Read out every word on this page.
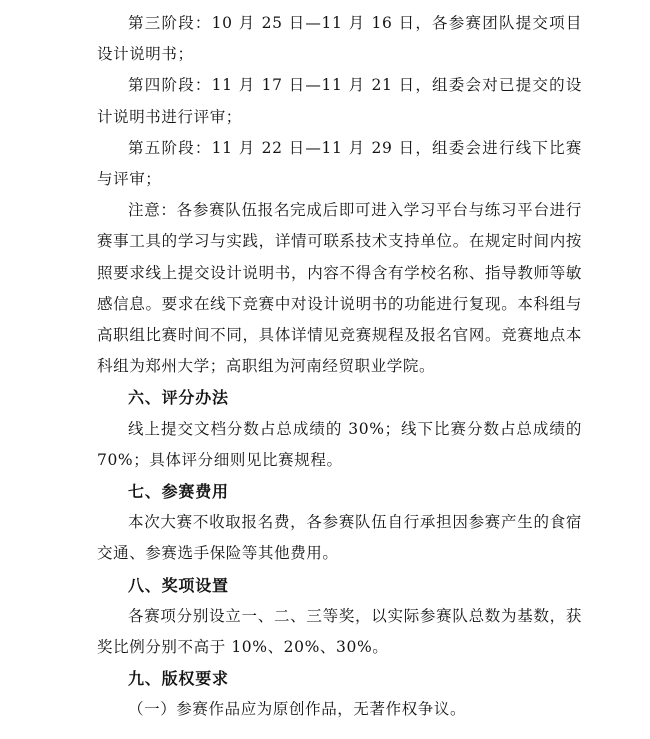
第三阶段：10 月 25 日—11 月 16 日，各参赛团队提交项目设计说明书；

第四阶段：11 月 17 日—11 月 21 日，组委会对已提交的设计说明书进行评审；

第五阶段：11 月 22 日—11 月 29 日，组委会进行线下比赛与评审；

注意：各参赛队伍报名完成后即可进入学习平台与练习平台进行赛事工具的学习与实践，详情可联系技术支持单位。在规定时间内按照要求线上提交设计说明书，内容不得含有学校名称、指导教师等敏感信息。要求在线下竞赛中对设计说明书的功能进行复现。本科组与高职组比赛时间不同，具体详情见竞赛规程及报名官网。竞赛地点本科组为郑州大学；高职组为河南经贸职业学院。

六、评分办法

线上提交文档分数占总成绩的 30%；线下比赛分数占总成绩的 70%；具体评分细则见比赛规程。

七、参赛费用

本次大赛不收取报名费，各参赛队伍自行承担因参赛产生的食宿交通、参赛选手保险等其他费用。

八、奖项设置

各赛项分别设立一、二、三等奖，以实际参赛队总数为基数，获奖比例分别不高于 10%、20%、30%。

九、版权要求

（一）参赛作品应为原创作品，无著作权争议。
